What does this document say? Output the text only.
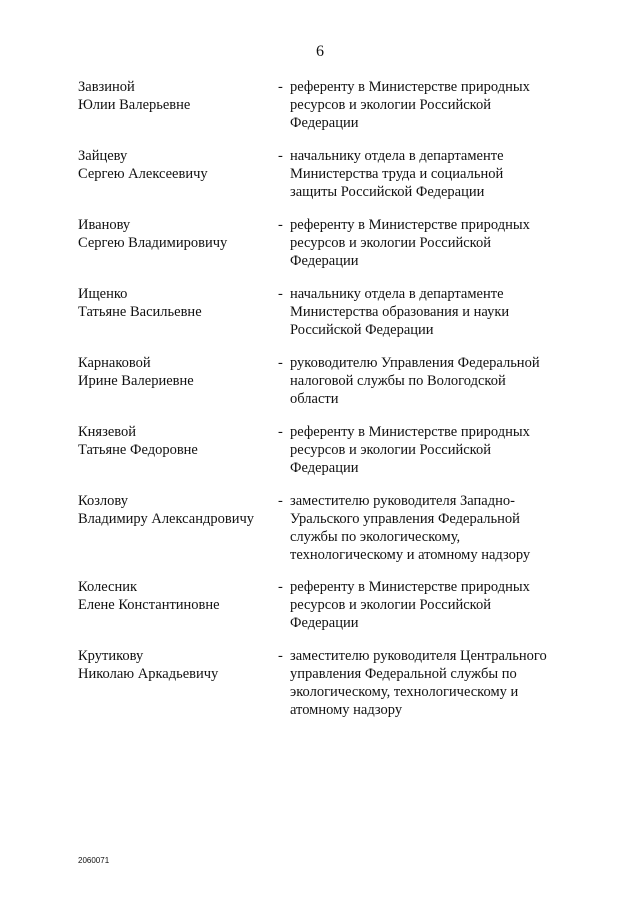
6
Завзиной
Юлии Валерьевне
- референту в Министерстве природных
ресурсов и экологии Российской
Федерации
Зайцеву
Сергею Алексеевичу
- начальнику отдела в департаменте
Министерства труда и социальной
защиты Российской Федерации
Иванову
Сергею Владимировичу
- референту в Министерстве природных
ресурсов и экологии Российской
Федерации
Ищенко
Татьяне Васильевне
- начальнику отдела в департаменте
Министерства образования и науки
Российской Федерации
Карнаковой
Ирине Валериевне
- руководителю Управления Федеральной
налоговой службы по Вологодской
области
Князевой
Татьяне Федоровне
- референту в Министерстве природных
ресурсов и экологии Российской
Федерации
Козлову
Владимиру Александровичу
- заместителю руководителя Западно-
Уральского управления Федеральной
службы по экологическому,
технологическому и атомному надзору
Колесник
Елене Константиновне
- референту в Министерстве природных
ресурсов и экологии Российской
Федерации
Крутикову
Николаю Аркадьевичу
- заместителю руководителя Центрального
управления Федеральной службы по
экологическому, технологическому и
атомному надзору
2060071
